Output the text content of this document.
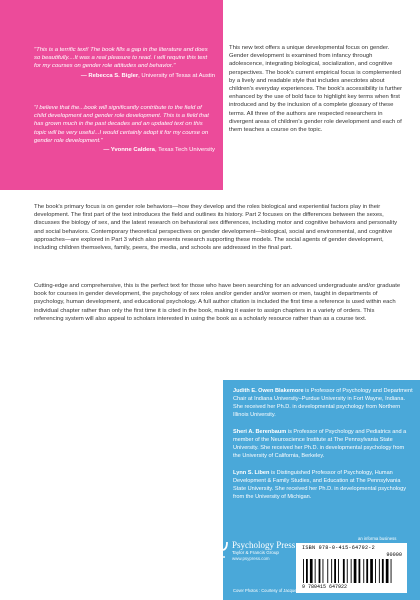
"This is a terrific text! The book fills a gap in the literature and does so beautifully....It was a real pleasure to read. I will require this text for my courses on gender role attitudes and behavior."
— Rebecca S. Bigler, University of Texas at Austin
"I believe that the...book will significantly contribute to the field of child development and gender role development. This is a field that has grown much in the past decades and an updated text on this topic will be very useful...I would certainly adopt it for my course on gender role development."
— Yvonne Caldera, Texas Tech University
This new text offers a unique developmental focus on gender. Gender development is examined from infancy through adolescence, integrating biological, socialization, and cognitive perspectives. The book's current empirical focus is complemented by a lively and readable style that includes anecdotes about children's everyday experiences. The book's accessibility is further enhanced by the use of bold face to highlight key terms when first introduced and by the inclusion of a complete glossary of these terms. All three of the authors are respected researchers in divergent areas of children's gender role development and each of them teaches a course on the topic.
The book's primary focus is on gender role behaviors—how they develop and the roles biological and experiential factors play in their development. The first part of the text introduces the field and outlines its history. Part 2 focuses on the differences between the sexes, discusses the biology of sex, and the latest research on behavioral sex differences, including motor and cognitive behaviors and personality and social behaviors. Contemporary theoretical perspectives on gender development—biological, social and environmental, and cognitive approaches—are explored in Part 3 which also presents research supporting these models. The social agents of gender development, including children themselves, family, peers, the media, and schools are addressed in the final part.
Cutting-edge and comprehensive, this is the perfect text for those who have been searching for an advanced undergraduate and/or graduate book for courses in gender development, the psychology of sex roles and/or gender and/or women or men, taught in departments of psychology, human development, and educational psychology. A full author citation is included the first time a reference is used within each individual chapter rather than only the first time it is cited in the book, making it easier to assign chapters in a variety of orders. This referencing system will also appeal to scholars interested in using the book as a scholarly resource rather than as a course text.
Judith E. Owen Blakemore is Professor of Psychology and Department Chair at Indiana University–Purdue University in Fort Wayne, Indiana. She received her Ph.D. in developmental psychology from Northern Illinois University.
Sheri A. Berenbaum is Professor of Psychology and Pediatrics and a member of the Neuroscience Institute at The Pennsylvania State University. She received her Ph.D. in developmental psychology from the University of California, Berkeley.
Lynn S. Liben is Distinguished Professor of Psychology, Human Development & Family Studies, and Education at The Pennsylvania State University. She received her Ph.D. in developmental psychology from the University of Michigan.
an informa business
Psychology Press
Taylor & Francis Group
www.psypress.com
ISBN 978-0-415-64792-2
90000
9 780415 647922
Cover Photos : Courtesy of Jacqueline Teoh
